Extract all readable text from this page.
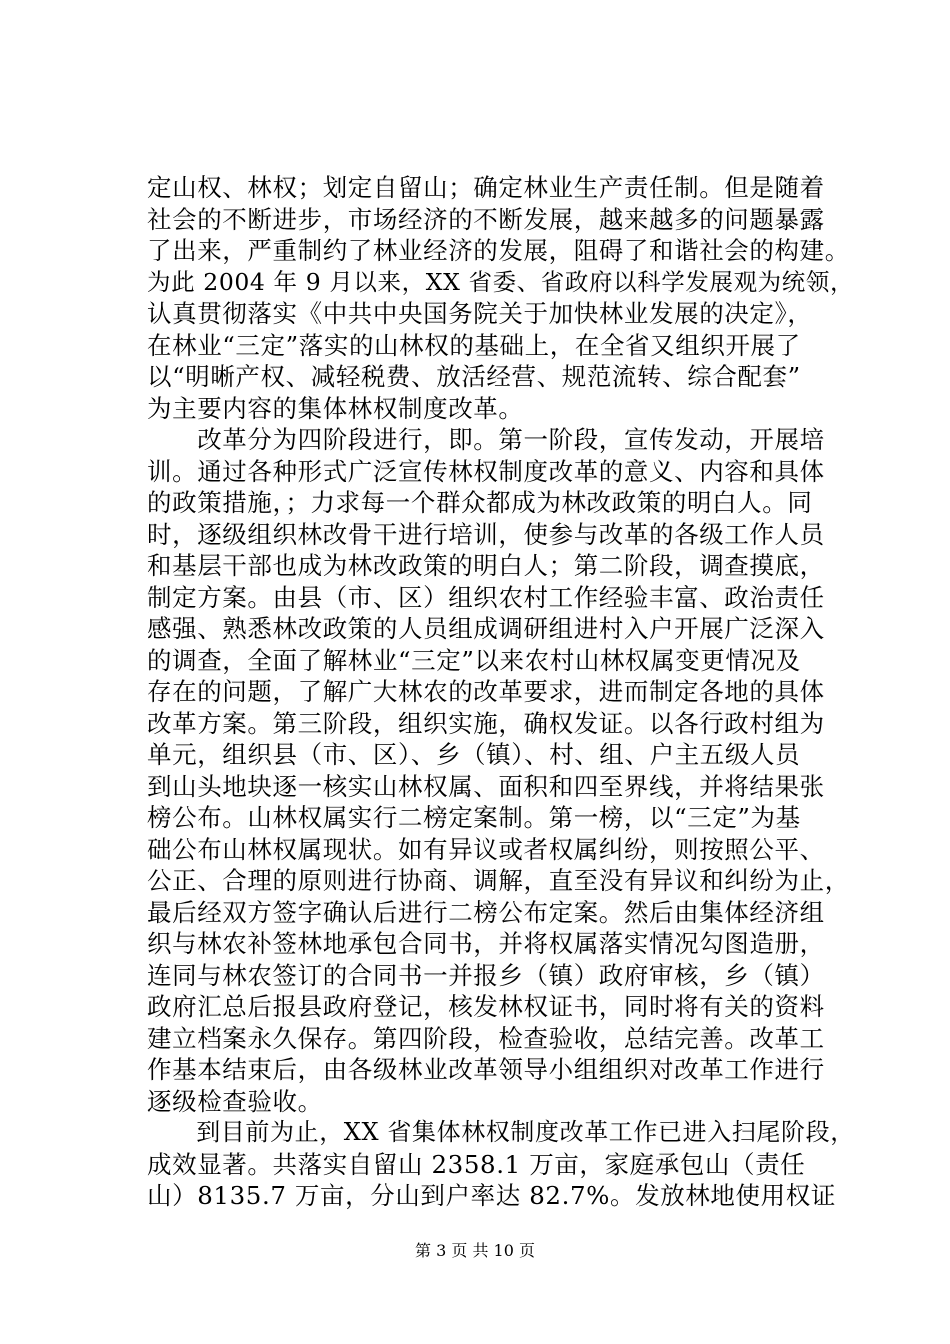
定山权、林权；划定自留山；确定林业生产责任制。但是随着
社会的不断进步，市场经济的不断发展，越来越多的问题暴露
了出来，严重制约了林业经济的发展，阻碍了和谐社会的构建。
为此 2004 年 9 月以来，XX 省委、省政府以科学发展观为统领，
认真贯彻落实《中共中央国务院关于加快林业发展的决定》，
在林业“三定”落实的山林权的基础上，在全省又组织开展了
以“明晰产权、减轻税费、放活经营、规范流转、综合配套”
为主要内容的集体林权制度改革。
　　改革分为四阶段进行，即。第一阶段，宣传发动，开展培
训。通过各种形式广泛宣传林权制度改革的意义、内容和具体
的政策措施，；力求每一个群众都成为林改政策的明白人。同
时，逐级组织林改骨干进行培训，使参与改革的各级工作人员
和基层干部也成为林改政策的明白人；第二阶段，调查摸底，
制定方案。由县（市、区）组织农村工作经验丰富、政治责任
感强、熟悉林改政策的人员组成调研组进村入户开展广泛深入
的调查，全面了解林业“三定”以来农村山林权属变更情况及
存在的问题，了解广大林农的改革要求，进而制定各地的具体
改革方案。第三阶段，组织实施，确权发证。以各行政村组为
单元，组织县（市、区）、乡（镇）、村、组、户主五级人员
到山头地块逐一核实山林权属、面积和四至界线，并将结果张
榜公布。山林权属实行二榜定案制。第一榜，以“三定”为基
础公布山林权属现状。如有异议或者权属纠纷，则按照公平、
公正、合理的原则进行协商、调解，直至没有异议和纠纷为止，
最后经双方签字确认后进行二榜公布定案。然后由集体经济组
织与林农补签林地承包合同书，并将权属落实情况勾图造册，
连同与林农签订的合同书一并报乡（镇）政府审核，乡（镇）
政府汇总后报县政府登记，核发林权证书，同时将有关的资料
建立档案永久保存。第四阶段，检查验收，总结完善。改革工
作基本结束后，由各级林业改革领导小组组织对改革工作进行
逐级检查验收。
　　到目前为止，XX 省集体林权制度改革工作已进入扫尾阶段，
成效显著。共落实自留山 2358.1 万亩，家庭承包山（责任
山）8135.7 万亩，分山到户率达 82.7%。发放林地使用权证
第 3 页 共 10 页
